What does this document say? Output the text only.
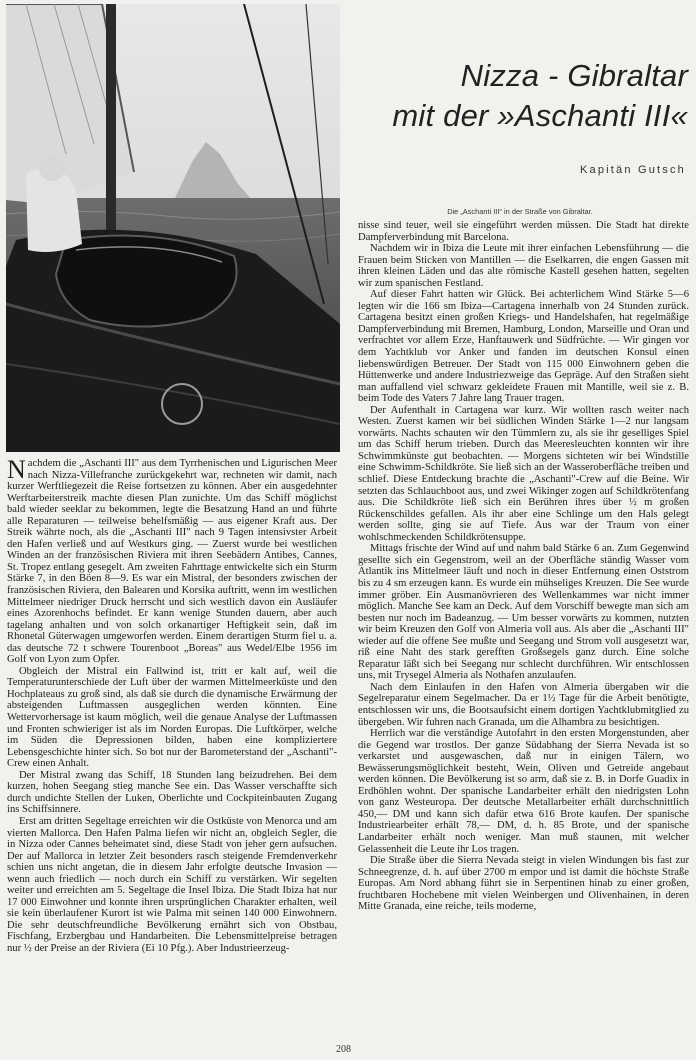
Nizza - Gibraltar
mit der »Aschanti III«
Kapitän Gutsch
Die „Aschanti III" in der Straße von Gibraltar.

Nachdem die „Aschanti III" aus dem Tyrrhenischen und Ligurischen Meer nach Nizza-Villefranche zurückgekehrt war, rechneten wir damit, nach kurzer Werftliegezeit die Reise fortsetzen zu können. Aber ein ausgedehnter Werftarbeiterstreik machte diesen Plan zunichte. Um das Schiff möglichst bald wieder seeklar zu bekommen, legte die Besatzung Hand an und führte alle Reparaturen — teilweise behelfsmäßig — aus eigener Kraft aus. Der Streik währte noch, als die „Aschanti III" nach 9 Tagen intensivster Arbeit den Hafen verließ und auf Westkurs ging. — Zuerst wurde bei westlichen Winden an der französischen Riviera mit ihren Seebädern Antibes, Cannes, St. Tropez entlang gesegelt. Am zweiten Fahrttage entwickelte sich ein Sturm Stärke 7, in den Böen 8—9. Es war ein Mistral, der besonders zwischen der französischen Riviera, den Balearen und Korsika auftritt, wenn im westlichen Mittelmeer niedriger Druck herrscht und sich westlich davon ein Ausläufer eines Azorenhochs befindet. Er kann wenige Stunden dauern, aber auch tagelang anhalten und von solch orkanartiger Heftigkeit sein, daß im Rhonetal Güterwagen umgeworfen werden. Einem derartigen Sturm fiel u. a. das deutsche 72 t schwere Tourenboot „Boreas" aus Wedel/Elbe 1956 im Golf von Lyon zum Opfer.

Obgleich der Mistral ein Fallwind ist, tritt er kalt auf, weil die Temperaturunterschiede der Luft über der warmen Mittelmeerküste und den Hochplateaus zu groß sind, als daß sie durch die dynamische Erwärmung der absteigenden Luftmassen ausgeglichen werden könnten. Eine Wettervorhersage ist kaum möglich, weil die genaue Analyse der Luftmassen und Fronten schwieriger ist als im Norden Europas. Die Luftkörper, welche im Süden die Depressionen bilden, haben eine kompliziertere Lebensgeschichte hinter sich. So bot nur der Barometerstand der „Aschanti"-Crew einen Anhalt.

Der Mistral zwang das Schiff, 18 Stunden lang beizudrehen. Bei dem kurzen, hohen Seegang stieg manche See ein. Das Wasser verschaffte sich durch undichte Stellen der Luken, Oberlichte und Cockpiteinbauten Zugang ins Schiffsinnere.

Erst am dritten Segeltage erreichten wir die Ostküste von Menorca und am vierten Mallorca. Den Hafen Palma liefen wir nicht an, obgleich Segler, die in Nizza oder Cannes beheimatet sind, diese Stadt von jeher gern aufsuchen. Der auf Mallorca in letzter Zeit besonders rasch steigende Fremdenverkehr schien uns nicht angetan, die in diesem Jahr erfolgte deutsche Invasion — wenn auch friedlich — noch durch ein Schiff zu verstärken. Wir segelten weiter und erreichten am 5. Segeltage die Insel Ibiza. Die Stadt Ibiza hat nur 17 000 Einwohner und konnte ihren ursprünglichen Charakter erhalten, weil sie kein überlaufener Kurort ist wie Palma mit seinen 140 000 Einwohnern. Die sehr deutschfreundliche Bevölkerung ernährt sich von Obstbau, Fischfang, Erzbergbau und Handarbeiten. Die Lebensmittelpreise betragen nur ½ der Preise an der Riviera (Ei 10 Pfg.). Aber Industrieerzeug-

nisse sind teuer, weil sie eingeführt werden müssen. Die Stadt hat direkte Dampferverbindung mit Barcelona.

Nachdem wir in Ibiza die Leute mit ihrer einfachen Lebensführung — die Frauen beim Sticken von Mantillen — die Eselkarren, die engen Gassen mit ihren kleinen Läden und das alte römische Kastell gesehen hatten, segelten wir zum spanischen Festland.

Auf dieser Fahrt hatten wir Glück. Bei achterlichem Wind Stärke 5—6 legten wir die 166 sm Ibiza—Cartagena innerhalb von 24 Stunden zurück. Cartagena besitzt einen großen Kriegs- und Handelshafen, hat regelmäßige Dampferverbindung mit Bremen, Hamburg, London, Marseille und Oran und verfrachtet vor allem Erze, Hanftauwerk und Südfrüchte. — Wir gingen vor dem Yachtklub vor Anker und fanden im deutschen Konsul einen liebenswürdigen Betreuer. Der Stadt von 115 000 Einwohnern geben die Hüttenwerke und andere Industriezweige das Gepräge. Auf den Straßen sieht man auffallend viel schwarz gekleidete Frauen mit Mantille, weil sie z. B. beim Tode des Vaters 7 Jahre lang Trauer tragen.

Der Aufenthalt in Cartagena war kurz. Wir wollten rasch weiter nach Westen. Zuerst kamen wir bei südlichen Winden Stärke 1—2 nur langsam vorwärts. Nachts schauten wir den Tümmlern zu, als sie ihr geselliges Spiel um das Schiff herum trieben. Durch das Meeresleuchten konnten wir ihre Schwimmkünste gut beobachten. — Morgens sichteten wir bei Windstille eine Schwimm-Schildkröte. Sie ließ sich an der Wasseroberfläche treiben und schlief. Diese Entdeckung brachte die „Aschanti"-Crew auf die Beine. Wir setzten das Schlauchboot aus, und zwei Wikinger zogen auf Schildkrötenfang aus. Die Schildkröte ließ sich ein Berühren ihres über ½ m großen Rückenschildes gefallen. Als ihr aber eine Schlinge um den Hals gelegt werden sollte, ging sie auf Tiefe. Aus war der Traum von einer wohlschmeckenden Schildkrötensuppe.

Mittags frischte der Wind auf und nahm bald Stärke 6 an. Zum Gegenwind gesellte sich ein Gegenstrom, weil an der Oberfläche ständig Wasser vom Atlantik ins Mittelmeer läuft und noch in dieser Entfernung einen Oststrom bis zu 4 sm erzeugen kann. Es wurde ein mühseliges Kreuzen. Die See wurde immer gröber. Ein Ausmanövrieren des Wellenkammes war nicht immer möglich. Manche See kam an Deck. Auf dem Vorschiff bewegte man sich am besten nur noch im Badeanzug. — Um besser vorwärts zu kommen, nutzten wir beim Kreuzen den Golf von Almeria voll aus. Als aber die „Aschanti III" wieder auf die offene See mußte und Seegang und Strom voll ausgesetzt war, riß eine Naht des stark gerefften Großsegels ganz durch. Eine solche Reparatur läßt sich bei Seegang nur schlecht durchführen. Wir entschlossen uns, mit Trysegel Almeria als Nothafen anzulaufen.

Nach dem Einlaufen in den Hafen von Almeria übergaben wir die Segelreparatur einem Segelmacher. Da er 1½ Tage für die Arbeit benötigte, entschlossen wir uns, die Bootsaufsicht einem dortigen Yachtklubmitglied zu übergeben. Wir fuhren nach Granada, um die Alhambra zu besichtigen.

Herrlich war die verständige Autofahrt in den ersten Morgenstunden, aber die Gegend war trostlos. Der ganze Südabhang der Sierra Nevada ist so verkarstet und ausgewaschen, daß nur in einigen Tälern, wo Bewässerungsmöglichkeit besteht, Wein, Oliven und Getreide angebaut werden können. Die Bevölkerung ist so arm, daß sie z. B. in Dorfe Guadix in Erdhöhlen wohnt. Der spanische Landarbeiter erhält den niedrigsten Lohn von ganz Westeuropa. Der deutsche Metallarbeiter erhält durchschnittlich 450,— DM und kann sich dafür etwa 616 Brote kaufen. Der spanische Industriearbeiter erhält 78,— DM, d. h. 85 Brote, und der spanische Landarbeiter erhält noch weniger. Man muß staunen, mit welcher Gelassenheit die Leute ihr Los tragen.

Die Straße über die Sierra Nevada steigt in vielen Windungen bis fast zur Schneegrenze, d. h. auf über 2700 m empor und ist damit die höchste Straße Europas. Am Nord abhang führt sie in Serpentinen hinab zu einer großen, fruchtbaren Hochebene mit vielen Weinbergen und Olivenhainen, in deren Mitte Granada, eine reiche, teils moderne,

208
